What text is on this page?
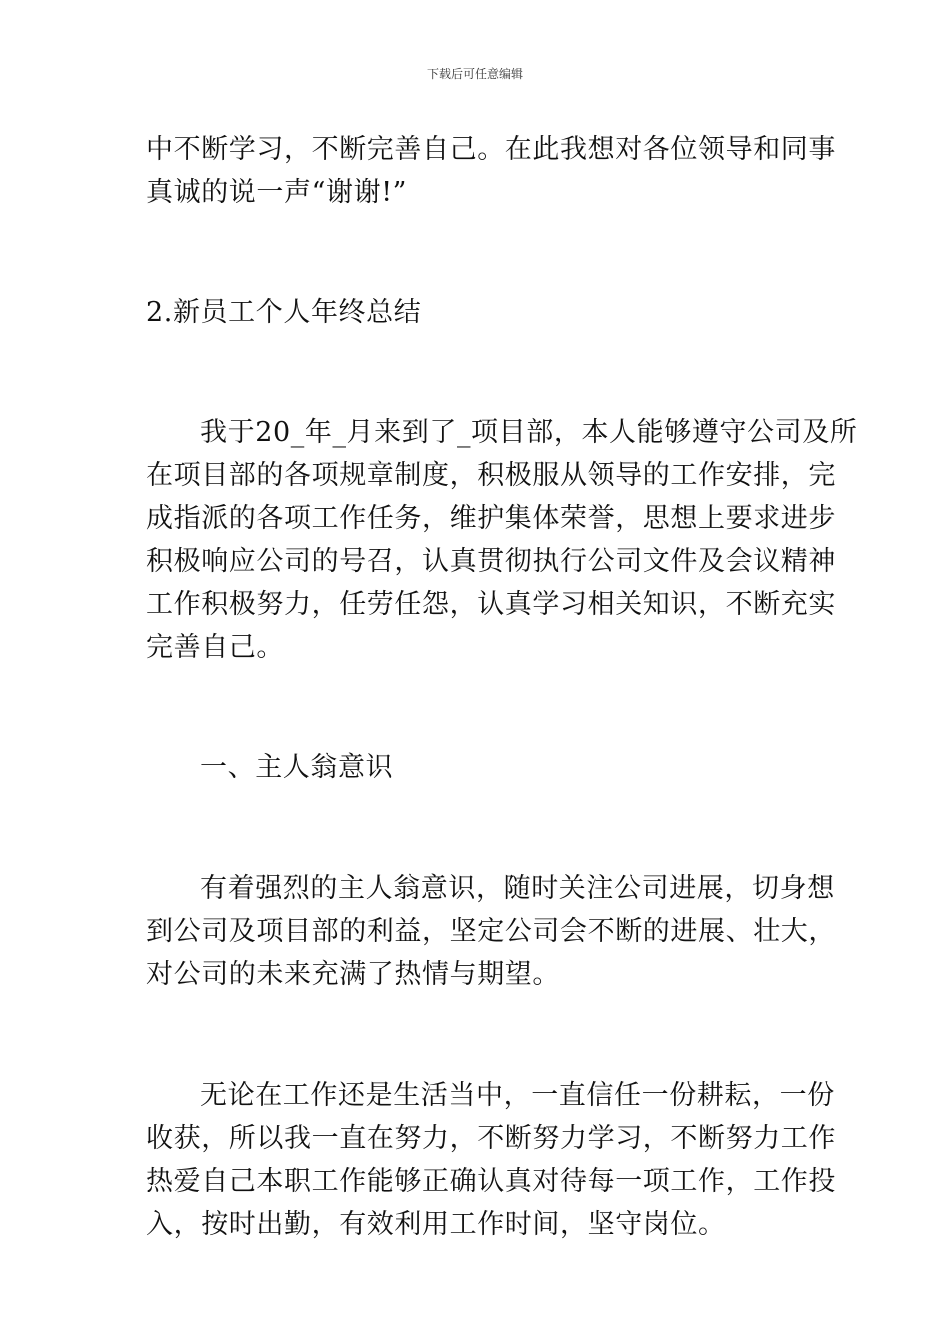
下载后可任意编辑
中不断学习，不断完善自己。在此我想对各位领导和同事
真诚的说一声“谢谢!”
2.新员工个人年终总结
我于20_年_月来到了_项目部，本人能够遵守公司及所
在项目部的各项规章制度，积极服从领导的工作安排，完
成指派的各项工作任务，维护集体荣誉，思想上要求进步
积极响应公司的号召，认真贯彻执行公司文件及会议精神
工作积极努力，任劳任怨，认真学习相关知识，不断充实
完善自己。
一、主人翁意识
有着强烈的主人翁意识，随时关注公司进展，切身想
到公司及项目部的利益，坚定公司会不断的进展、壮大，
对公司的未来充满了热情与期望。
无论在工作还是生活当中，一直信任一份耕耘，一份
收获，所以我一直在努力，不断努力学习，不断努力工作
热爱自己本职工作能够正确认真对待每一项工作，工作投
入，按时出勤，有效利用工作时间，坚守岗位。
